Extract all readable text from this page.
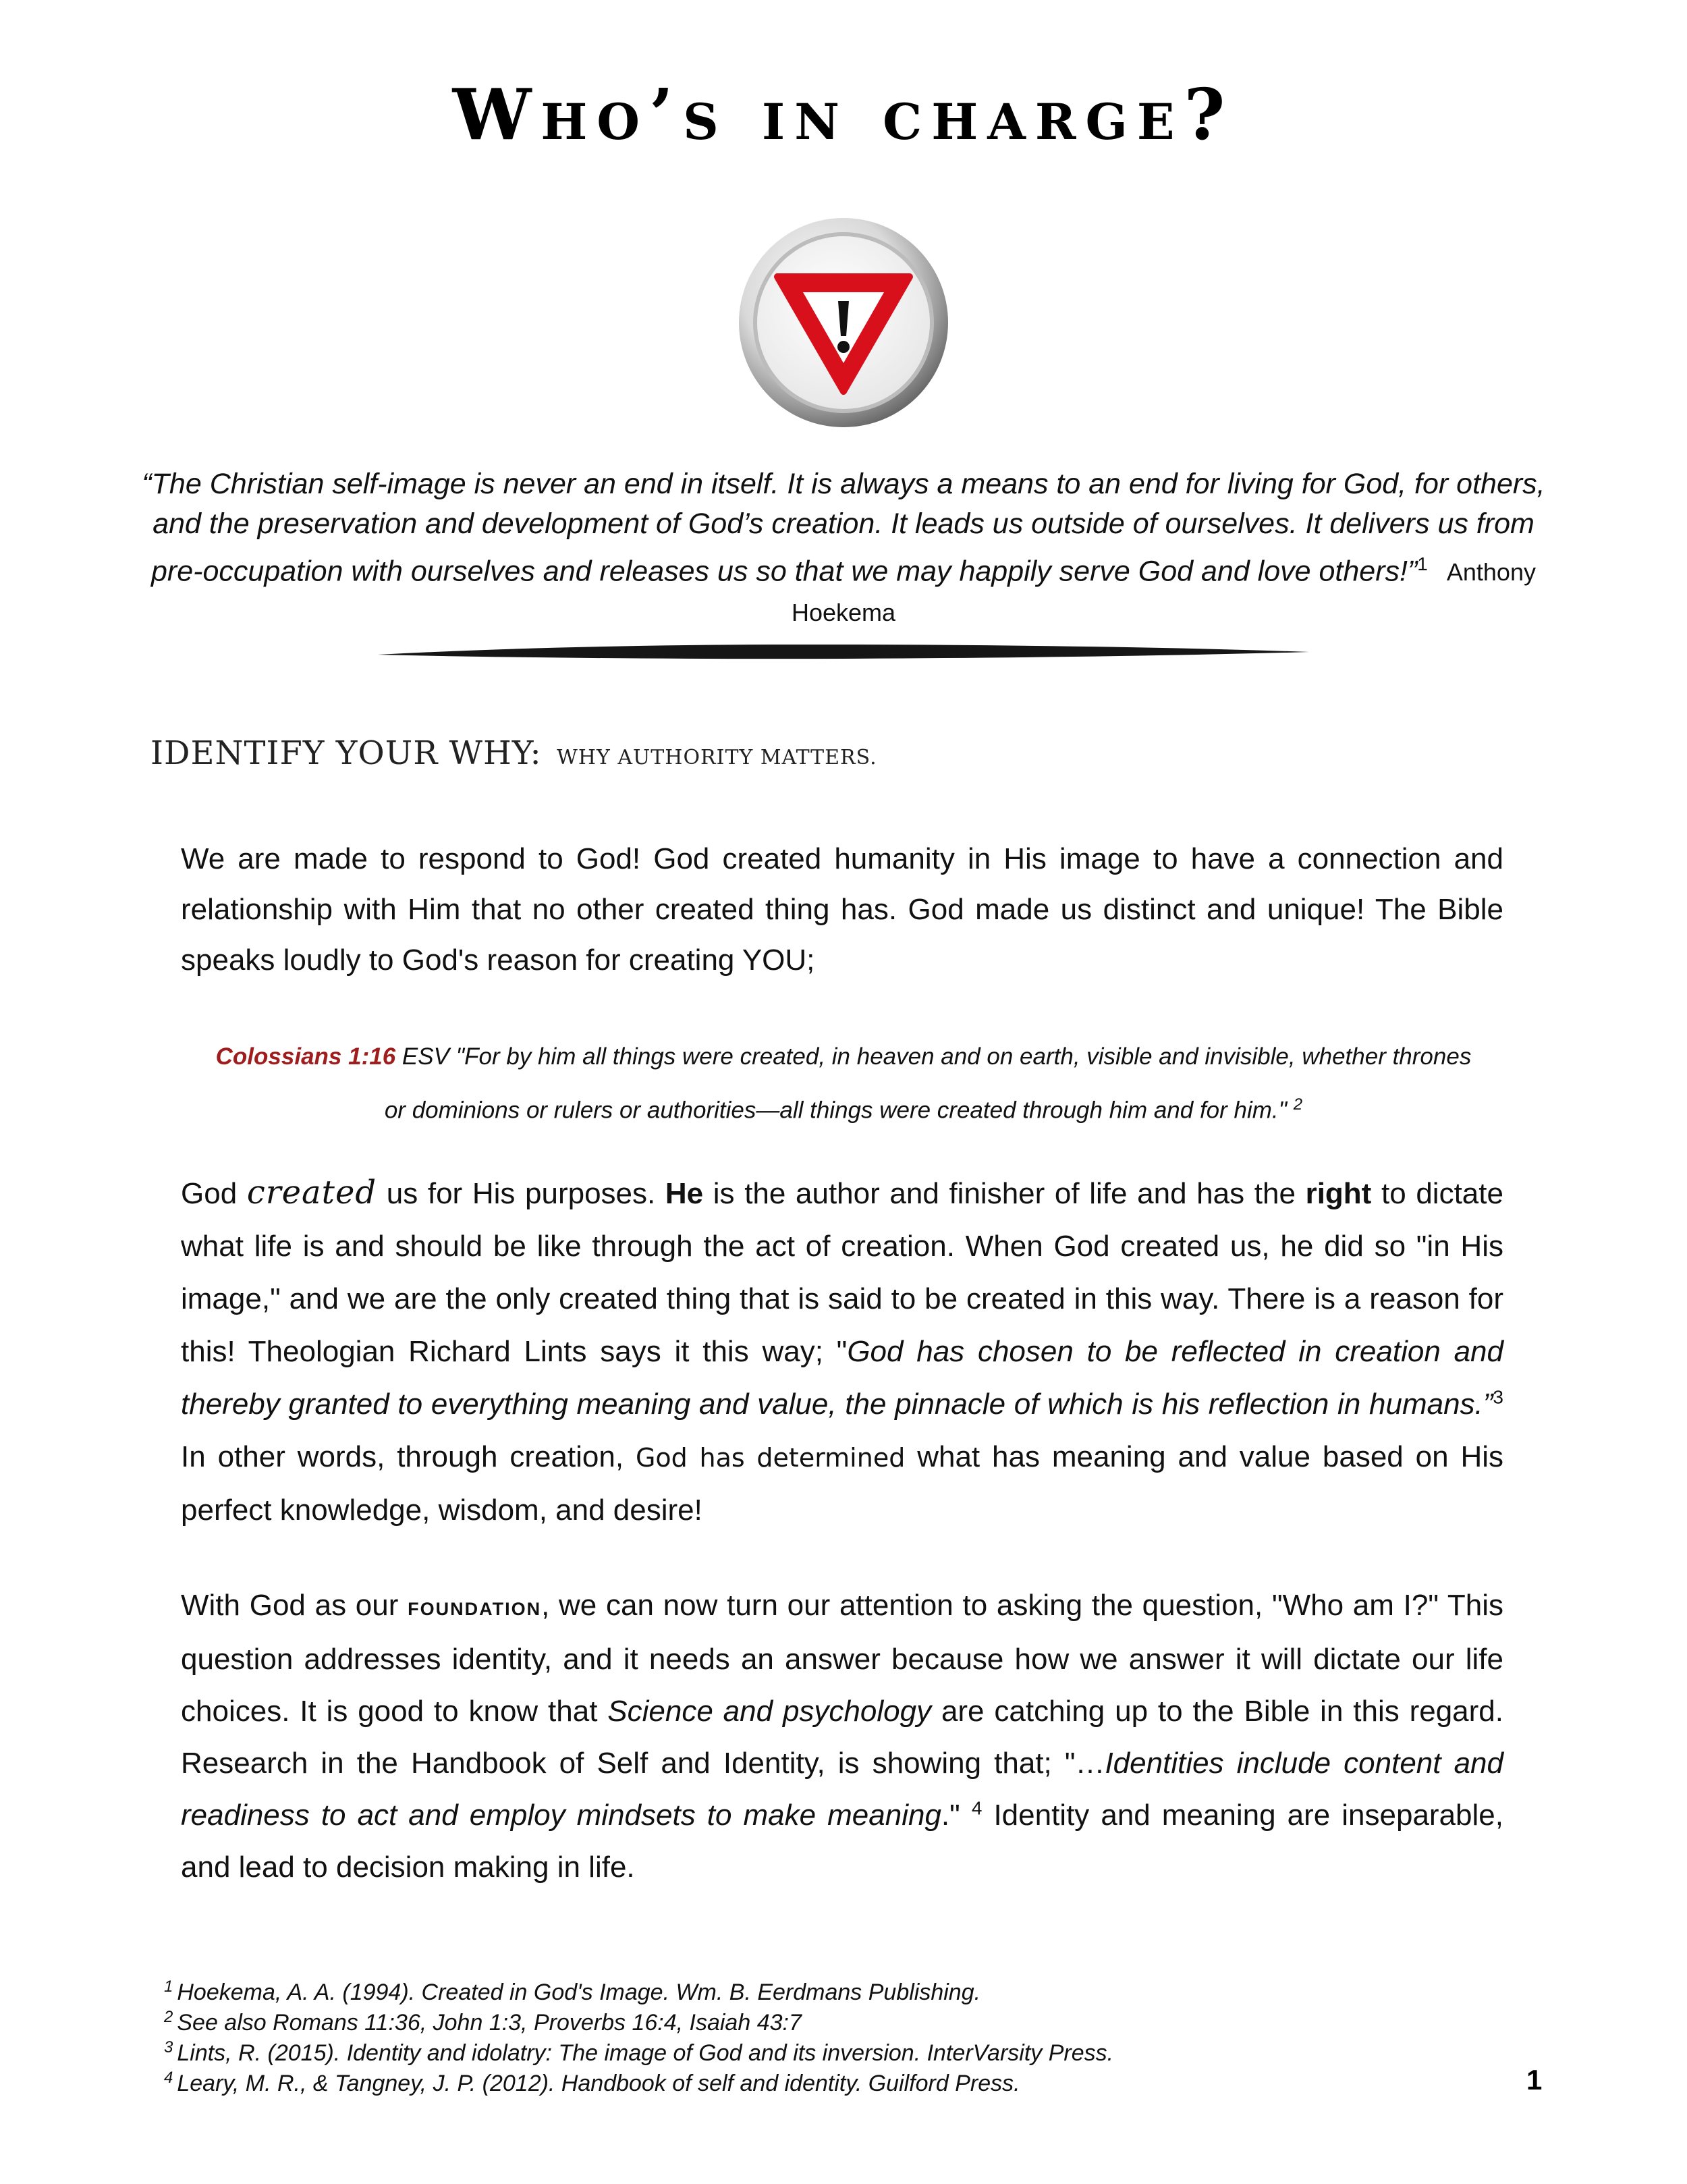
Who’s in charge?
“The Christian self-image is never an end in itself. It is always a means to an end for living for God, for others, and the preservation and development of God’s creation. It leads us outside of ourselves. It delivers us from pre-occupation with ourselves and releases us so that we may happily serve God and love others!”$^1$ Anthony Hoekema
IDENTIFY YOUR WHY: WHY AUTHORITY MATTERS.
We are made to respond to God! God created humanity in His image to have a connection and relationship with Him that no other created thing has. God made us distinct and unique! The Bible speaks loudly to God's reason for creating YOU;
Colossians 1:16 ESV "For by him all things were created, in heaven and on earth, visible and invisible, whether thrones or dominions or rulers or authorities—all things were created through him and for him." $^2$
God created us for His purposes. He is the author and finisher of life and has the right to dictate what life is and should be like through the act of creation. When God created us, he did so "in His image," and we are the only created thing that is said to be created in this way. There is a reason for this! Theologian Richard Lints says it this way; "God has chosen to be reflected in creation and thereby granted to everything meaning and value, the pinnacle of which is his reflection in humans.”$^3$ In other words, through creation, God has determined what has meaning and value based on His perfect knowledge, wisdom, and desire!
With God as our foundation, we can now turn our attention to asking the question, "Who am I?" This question addresses identity, and it needs an answer because how we answer it will dictate our life choices. It is good to know that Science and psychology are catching up to the Bible in this regard. Research in the Handbook of Self and Identity, is showing that; "…Identities include content and readiness to act and employ mindsets to make meaning." $^4$ Identity and meaning are inseparable, and lead to decision making in life.
$^1$ Hoekema, A. A. (1994). Created in God's Image. Wm. B. Eerdmans Publishing.
$^2$ See also Romans 11:36, John 1:3, Proverbs 16:4, Isaiah 43:7
$^3$ Lints, R. (2015). Identity and idolatry: The image of God and its inversion. InterVarsity Press.
$^4$ Leary, M. R., & Tangney, J. P. (2012). Handbook of self and identity. Guilford Press.	1
